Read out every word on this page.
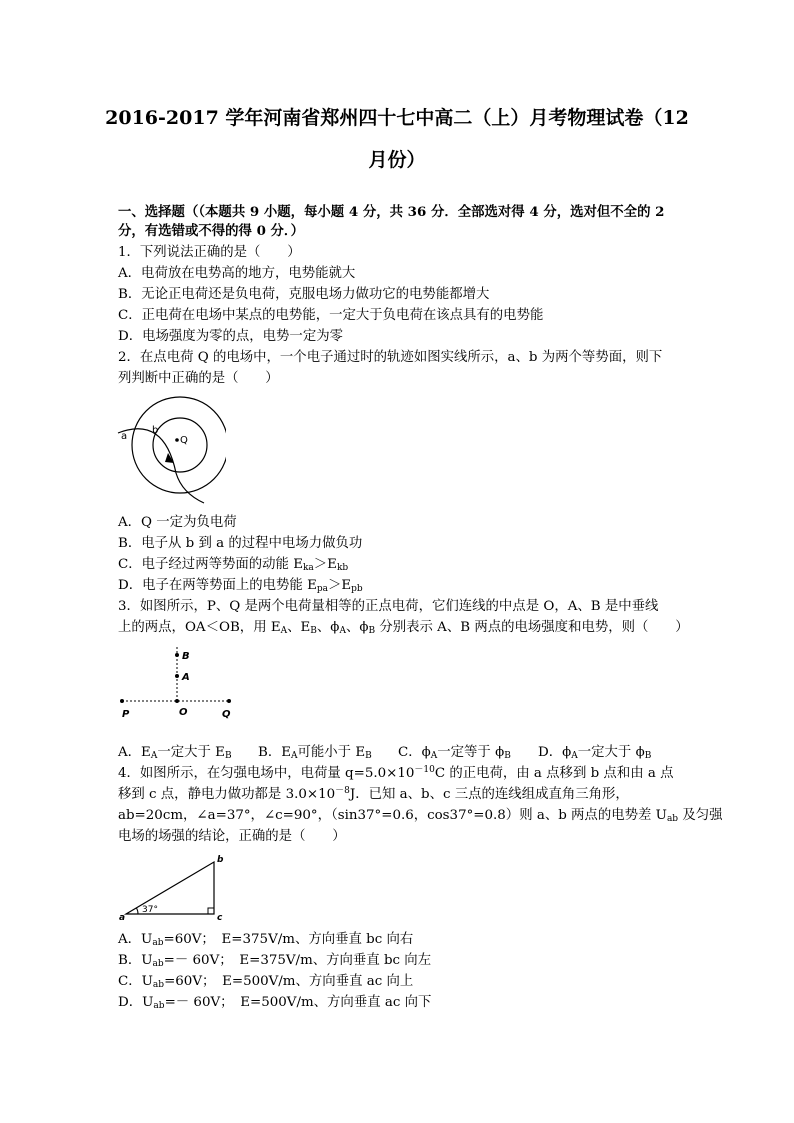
2016-2017 学年河南省郑州四十七中高二（上）月考物理试卷（12
月份）
一、选择题（（本题共 9 小题，每小题 4 分，共 36 分．全部选对得 4 分，选对但不全的 2
分，有选错或不得的得 0 分．）
1．下列说法正确的是（　　）
A．电荷放在电势高的地方，电势能就大
B．无论正电荷还是负电荷，克服电场力做功它的电势能都增大
C．正电荷在电场中某点的电势能，一定大于负电荷在该点具有的电势能
D．电场强度为零的点，电势一定为零
2．在点电荷 Q 的电场中，一个电子通过时的轨迹如图实线所示，a、b 为两个等势面，则下
列判断中正确的是（　　）
a
b
Q
A．Q 一定为负电荷
B．电子从 b 到 a 的过程中电场力做负功
C．电子经过两等势面的动能 $E_{ka}>E_{kb}$
D．电子在两等势面上的电势能 $E_{pa}>E_{pb}$
3．如图所示，P、Q 是两个电荷量相等的正点电荷，它们连线的中点是 O，A、B 是中垂线
上的两点，OA＜OB，用 $E_A$、$E_B$、$\phi_A$、$\phi_B$ 分别表示 A、B 两点的电场强度和电势，则（　　）
B
A
P	O	Q
A．$E_A$一定大于 $E_B$ B．$E_A$可能小于 $E_B$ C．$\phi_A$一定等于 $\phi_B$ D．$\phi_A$一定大于 $\phi_B$
4．如图所示，在匀强电场中，电荷量 $q=5.0\times 10^{-10}C$ 的正电荷，由 a 点移到 b 点和由 a 点
移到 c 点，静电力做功都是 $3.0\times 10^{-8}J$．已知 a、b、c 三点的连线组成直角三角形，
ab=20cm，∠a=37°，∠c=90°，（sin37°=0.6，cos37°=0.8）则 a、b 两点的电势差 $U_{ab}$ 及匀强
电场的场强的结论，正确的是（　　）
37°
a
b
c
A．$U_{ab}=60V$；　E=375V/m、方向垂直 bc 向右
B．$U_{ab}=- 60V$；　E=375V/m、方向垂直 bc 向左
C．$U_{ab}=60V$；　E=500V/m、方向垂直 ac 向上
D．$U_{ab}=- 60V$；　E=500V/m、方向垂直 ac 向下
